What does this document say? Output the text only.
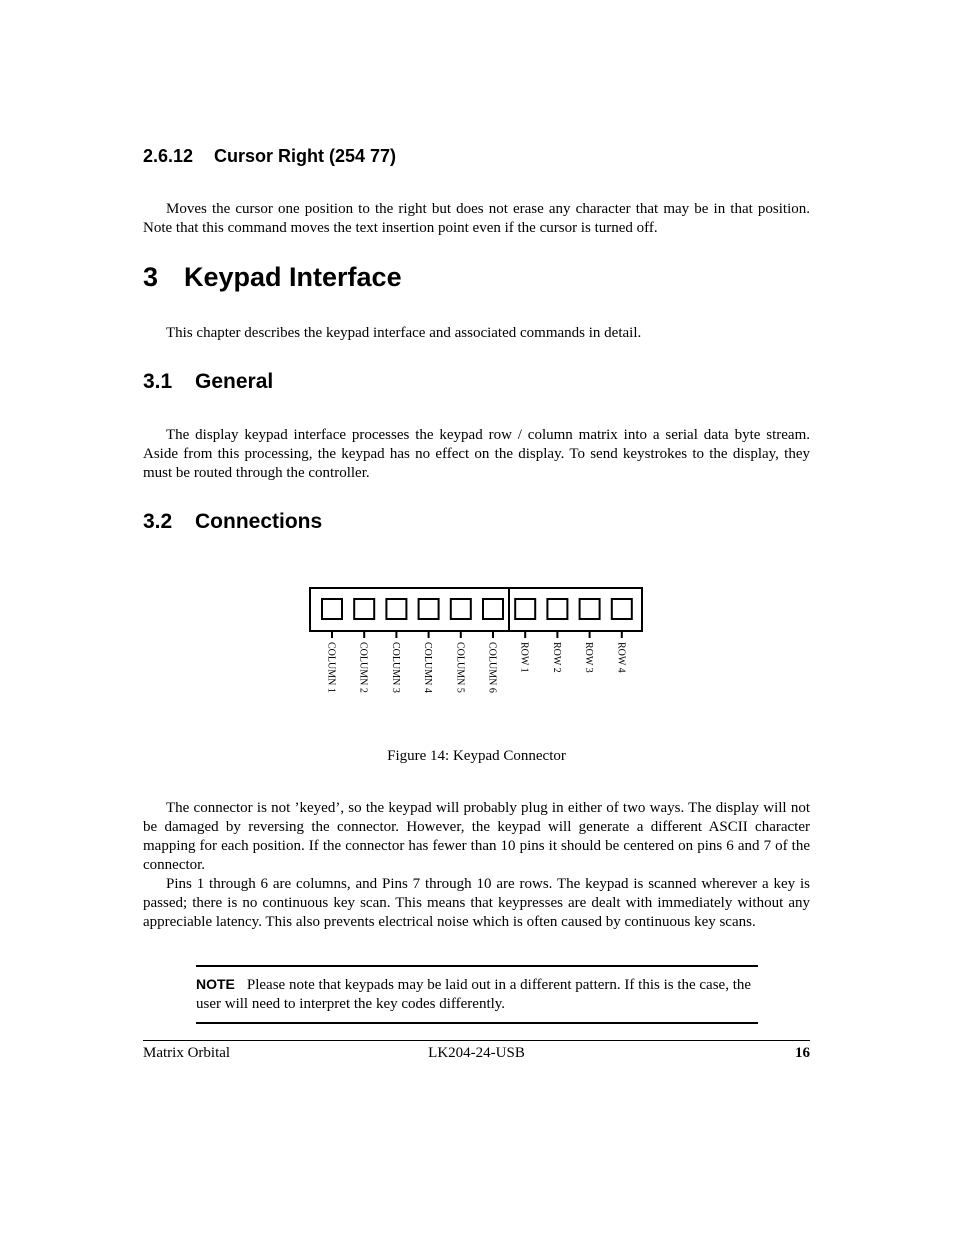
2.6.12 Cursor Right (254 77)

Moves the cursor one position to the right but does not erase any character that may be in that position. Note that this command moves the text insertion point even if the cursor is turned off.

3 Keypad Interface

This chapter describes the keypad interface and associated commands in detail.

3.1 General

The display keypad interface processes the keypad row / column matrix into a serial data byte stream. Aside from this processing, the keypad has no effect on the display. To send keystrokes to the display, they must be routed through the controller.

3.2 Connections
COLUMN 1 COLUMN 2 COLUMN 3 COLUMN 4 COLUMN 5 COLUMN 6 ROW 1 ROW 2 ROW 3 ROW 4
Figure 14: Keypad Connector

The connector is not ’keyed’, so the keypad will probably plug in either of two ways. The display will not be damaged by reversing the connector. However, the keypad will generate a different ASCII character mapping for each position. If the connector has fewer than 10 pins it should be centered on pins 6 and 7 of the connector.

Pins 1 through 6 are columns, and Pins 7 through 10 are rows. The keypad is scanned wherever a key is passed; there is no continuous key scan. This means that keypresses are dealt with immediately without any appreciable latency. This also prevents electrical noise which is often caused by continuous key scans.

NOTE Please note that keypads may be laid out in a different pattern. If this is the case, the user will need to interpret the key codes differently.
Matrix Orbital	LK204-24-USB	16
